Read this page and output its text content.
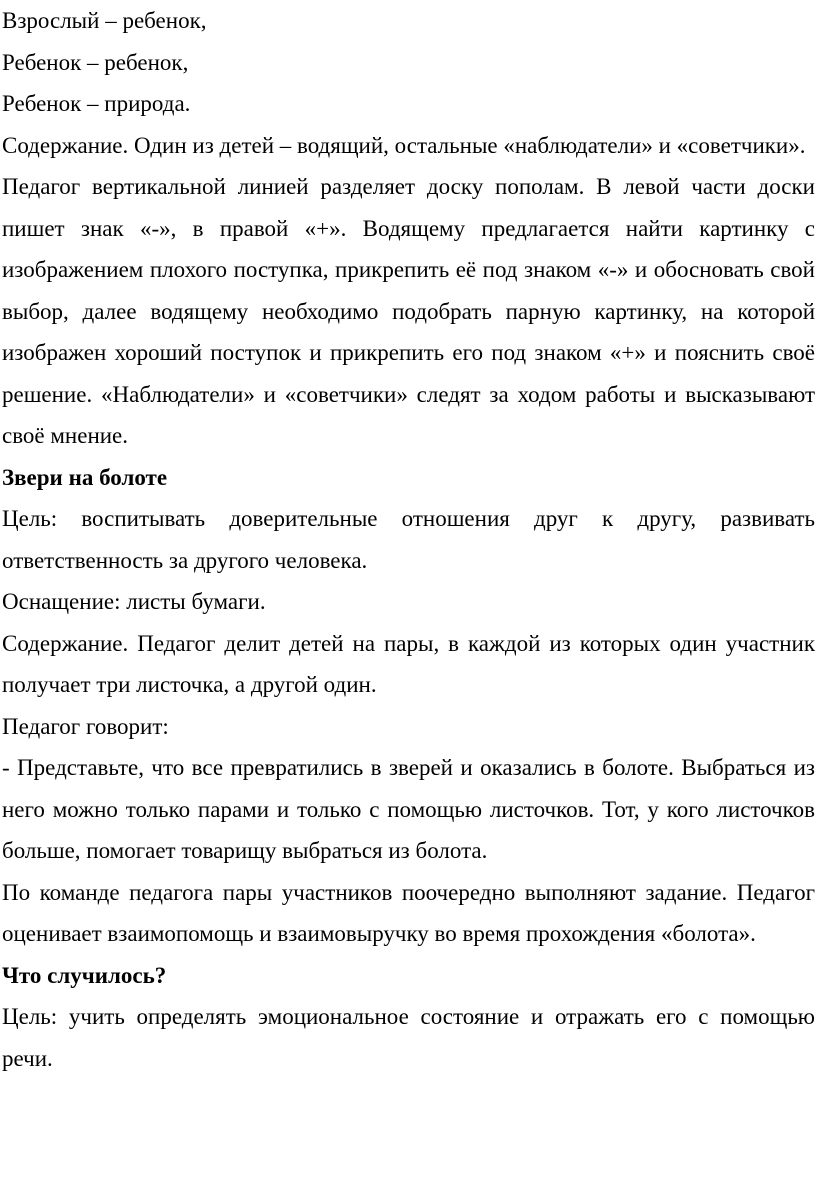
Взрослый – ребенок,

Ребенок – ребенок,

Ребенок – природа.

Содержание. Один из детей – водящий, остальные «наблюдатели» и «советчики».

Педагог вертикальной линией разделяет доску пополам. В левой части доски пишет знак «-», в правой «+». Водящему предлагается найти картинку с изображением плохого поступка, прикрепить её под знаком «-» и обосновать свой выбор, далее водящему необходимо подобрать парную картинку, на которой изображен хороший поступок и прикрепить его под знаком «+» и пояснить своё решение. «Наблюдатели» и «советчики» следят за ходом работы и высказывают своё мнение.

Звери на болоте

Цель: воспитывать доверительные отношения друг к другу, развивать ответственность за другого человека.

Оснащение: листы бумаги.

Содержание. Педагог делит детей на пары, в каждой из которых один участник получает три листочка, а другой один.

Педагог говорит:

- Представьте, что все превратились в зверей и оказались в болоте. Выбраться из него можно только парами и только с помощью листочков. Тот, у кого листочков больше, помогает товарищу выбраться из болота.

По команде педагога пары участников поочередно выполняют задание. Педагог оценивает взаимопомощь и взаимовыручку во время прохождения «болота».

Что случилось?

Цель: учить определять эмоциональное состояние и отражать его с помощью речи.
